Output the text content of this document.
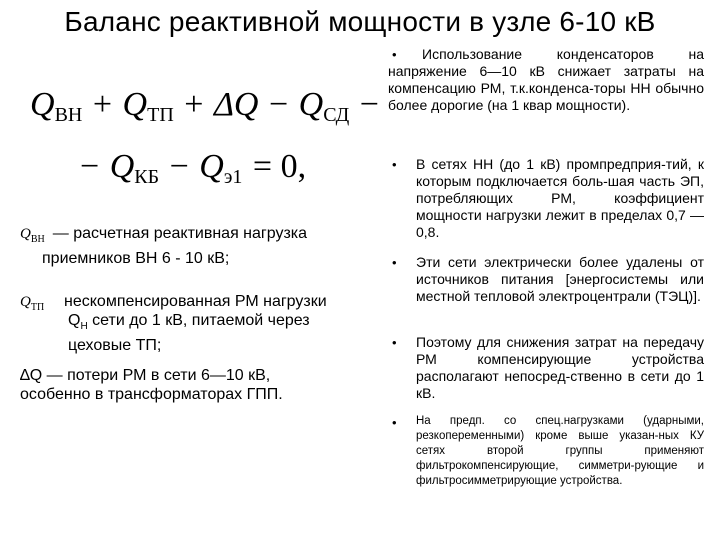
Баланс реактивной мощности в узле 6-10 кВ
$Q_{ВН} + Q_{ТП} + \Delta Q - Q_{СД}$ −
− $Q_{КБ} - Q_{э1} = 0$,
$Q_{ВН}$ — расчетная реактивная нагрузка
приемников ВН 6 - 10 кВ;
$Q_{ТП}$ нескомпенсированная РМ нагрузки
$Q_Н$ сети до 1 кВ, питаемой через
цеховые ТП;
∆Q — потери РМ в сети 6—10 кВ, особенно в трансформаторах ГПП.
•	Использование конденсаторов на напряжение 6—10 кВ снижает затраты на компенсацию РМ, т.к.конденса-торы НН обычно более дорогие (на 1 квар мощности).
•	В сетях НН (до 1 кВ) промпредприя-тий, к которым подключается боль-шая часть ЭП, потребляющих РМ, коэффициент мощности нагрузки лежит в пределах 0,7 — 0,8.
•	Эти сети электрически более удалены от источников питания [энергосистемы или местной тепловой электроцентрали (ТЭЦ)].
•	Поэтому для снижения затрат на передачу РМ компенсирующие устройства располагают непосред-ственно в сети до 1 кВ.
•	На предп. со спец.нагрузками (ударными, резкопеременными) кроме выше указан-ных КУ сетях второй группы применяют фильтрокомпенсирующие, симметри-рующие и фильтросимметрирующие устройства.
